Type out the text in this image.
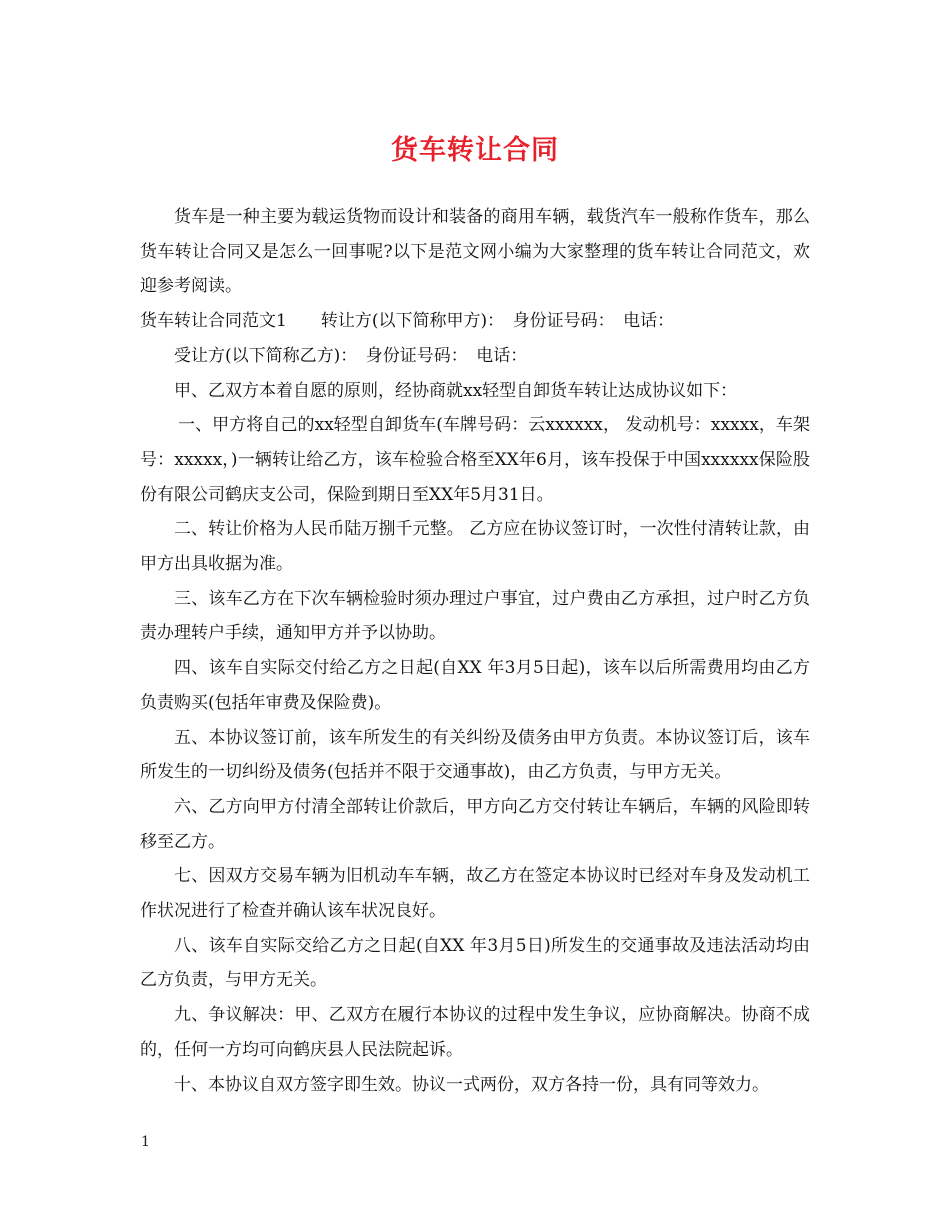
货车转让合同

货车是一种主要为载运货物而设计和装备的商用车辆，载货汽车一般称作货车，那么货车转让合同又是怎么一回事呢?以下是范文网小编为大家整理的货车转让合同范文，欢迎参考阅读。

货车转让合同范文1　　转让方(以下简称甲方)：　身份证号码：　电话：

受让方(以下简称乙方)：　身份证号码：　电话：

甲、乙双方本着自愿的原则，经协商就xx轻型自卸货车转让达成协议如下：

一、甲方将自己的xx轻型自卸货车(车牌号码：云xxxxxx， 发动机号：xxxxx，车架号：xxxxx，)一辆转让给乙方，该车检验合格至XX年6月，该车投保于中国xxxxxx保险股份有限公司鹤庆支公司，保险到期日至XX年5月31日。

二、转让价格为人民币陆万捌千元整。 乙方应在协议签订时，一次性付清转让款，由甲方出具收据为准。

三、该车乙方在下次车辆检验时须办理过户事宜，过户费由乙方承担，过户时乙方负责办理转户手续，通知甲方并予以协助。

四、该车自实际交付给乙方之日起(自XX 年3月5日起)，该车以后所需费用均由乙方负责购买(包括年审费及保险费)。

五、本协议签订前，该车所发生的有关纠纷及债务由甲方负责。本协议签订后，该车所发生的一切纠纷及债务(包括并不限于交通事故)，由乙方负责，与甲方无关。

六、乙方向甲方付清全部转让价款后，甲方向乙方交付转让车辆后，车辆的风险即转移至乙方。

七、因双方交易车辆为旧机动车车辆，故乙方在签定本协议时已经对车身及发动机工作状况进行了检查并确认该车状况良好。

八、该车自实际交给乙方之日起(自XX 年3月5日)所发生的交通事故及违法活动均由乙方负责，与甲方无关。

九、争议解决：甲、乙双方在履行本协议的过程中发生争议，应协商解决。协商不成的，任何一方均可向鹤庆县人民法院起诉。

十、本协议自双方签字即生效。协议一式两份，双方各持一份，具有同等效力。

1
